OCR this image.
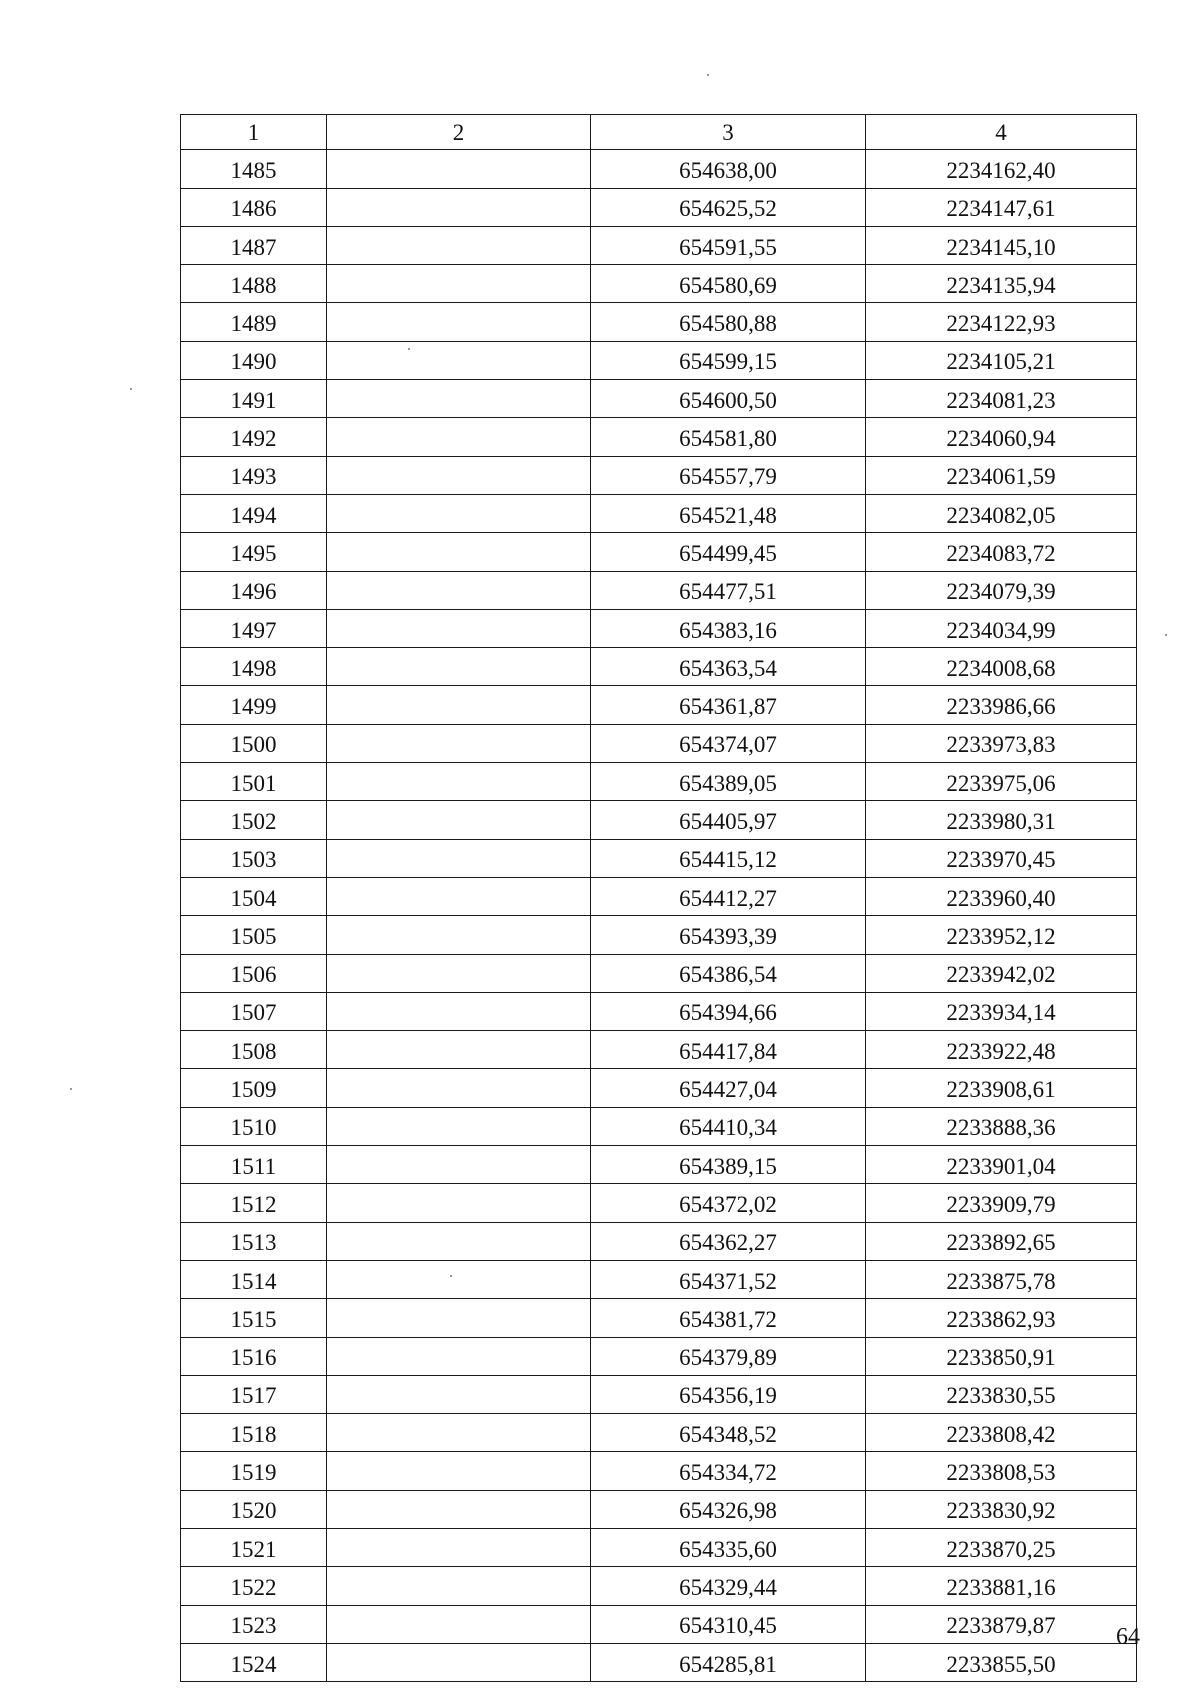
1	2	3	4
1485		654638,00	2234162,40
1486		654625,52	2234147,61
1487		654591,55	2234145,10
1488		654580,69	2234135,94
1489		654580,88	2234122,93
1490		654599,15	2234105,21
1491		654600,50	2234081,23
1492		654581,80	2234060,94
1493		654557,79	2234061,59
1494		654521,48	2234082,05
1495		654499,45	2234083,72
1496		654477,51	2234079,39
1497		654383,16	2234034,99
1498		654363,54	2234008,68
1499		654361,87	2233986,66
1500		654374,07	2233973,83
1501		654389,05	2233975,06
1502		654405,97	2233980,31
1503		654415,12	2233970,45
1504		654412,27	2233960,40
1505		654393,39	2233952,12
1506		654386,54	2233942,02
1507		654394,66	2233934,14
1508		654417,84	2233922,48
1509		654427,04	2233908,61
1510		654410,34	2233888,36
1511		654389,15	2233901,04
1512		654372,02	2233909,79
1513		654362,27	2233892,65
1514		654371,52	2233875,78
1515		654381,72	2233862,93
1516		654379,89	2233850,91
1517		654356,19	2233830,55
1518		654348,52	2233808,42
1519		654334,72	2233808,53
1520		654326,98	2233830,92
1521		654335,60	2233870,25
1522		654329,44	2233881,16
1523		654310,45	2233879,87
1524		654285,81	2233855,50
64
